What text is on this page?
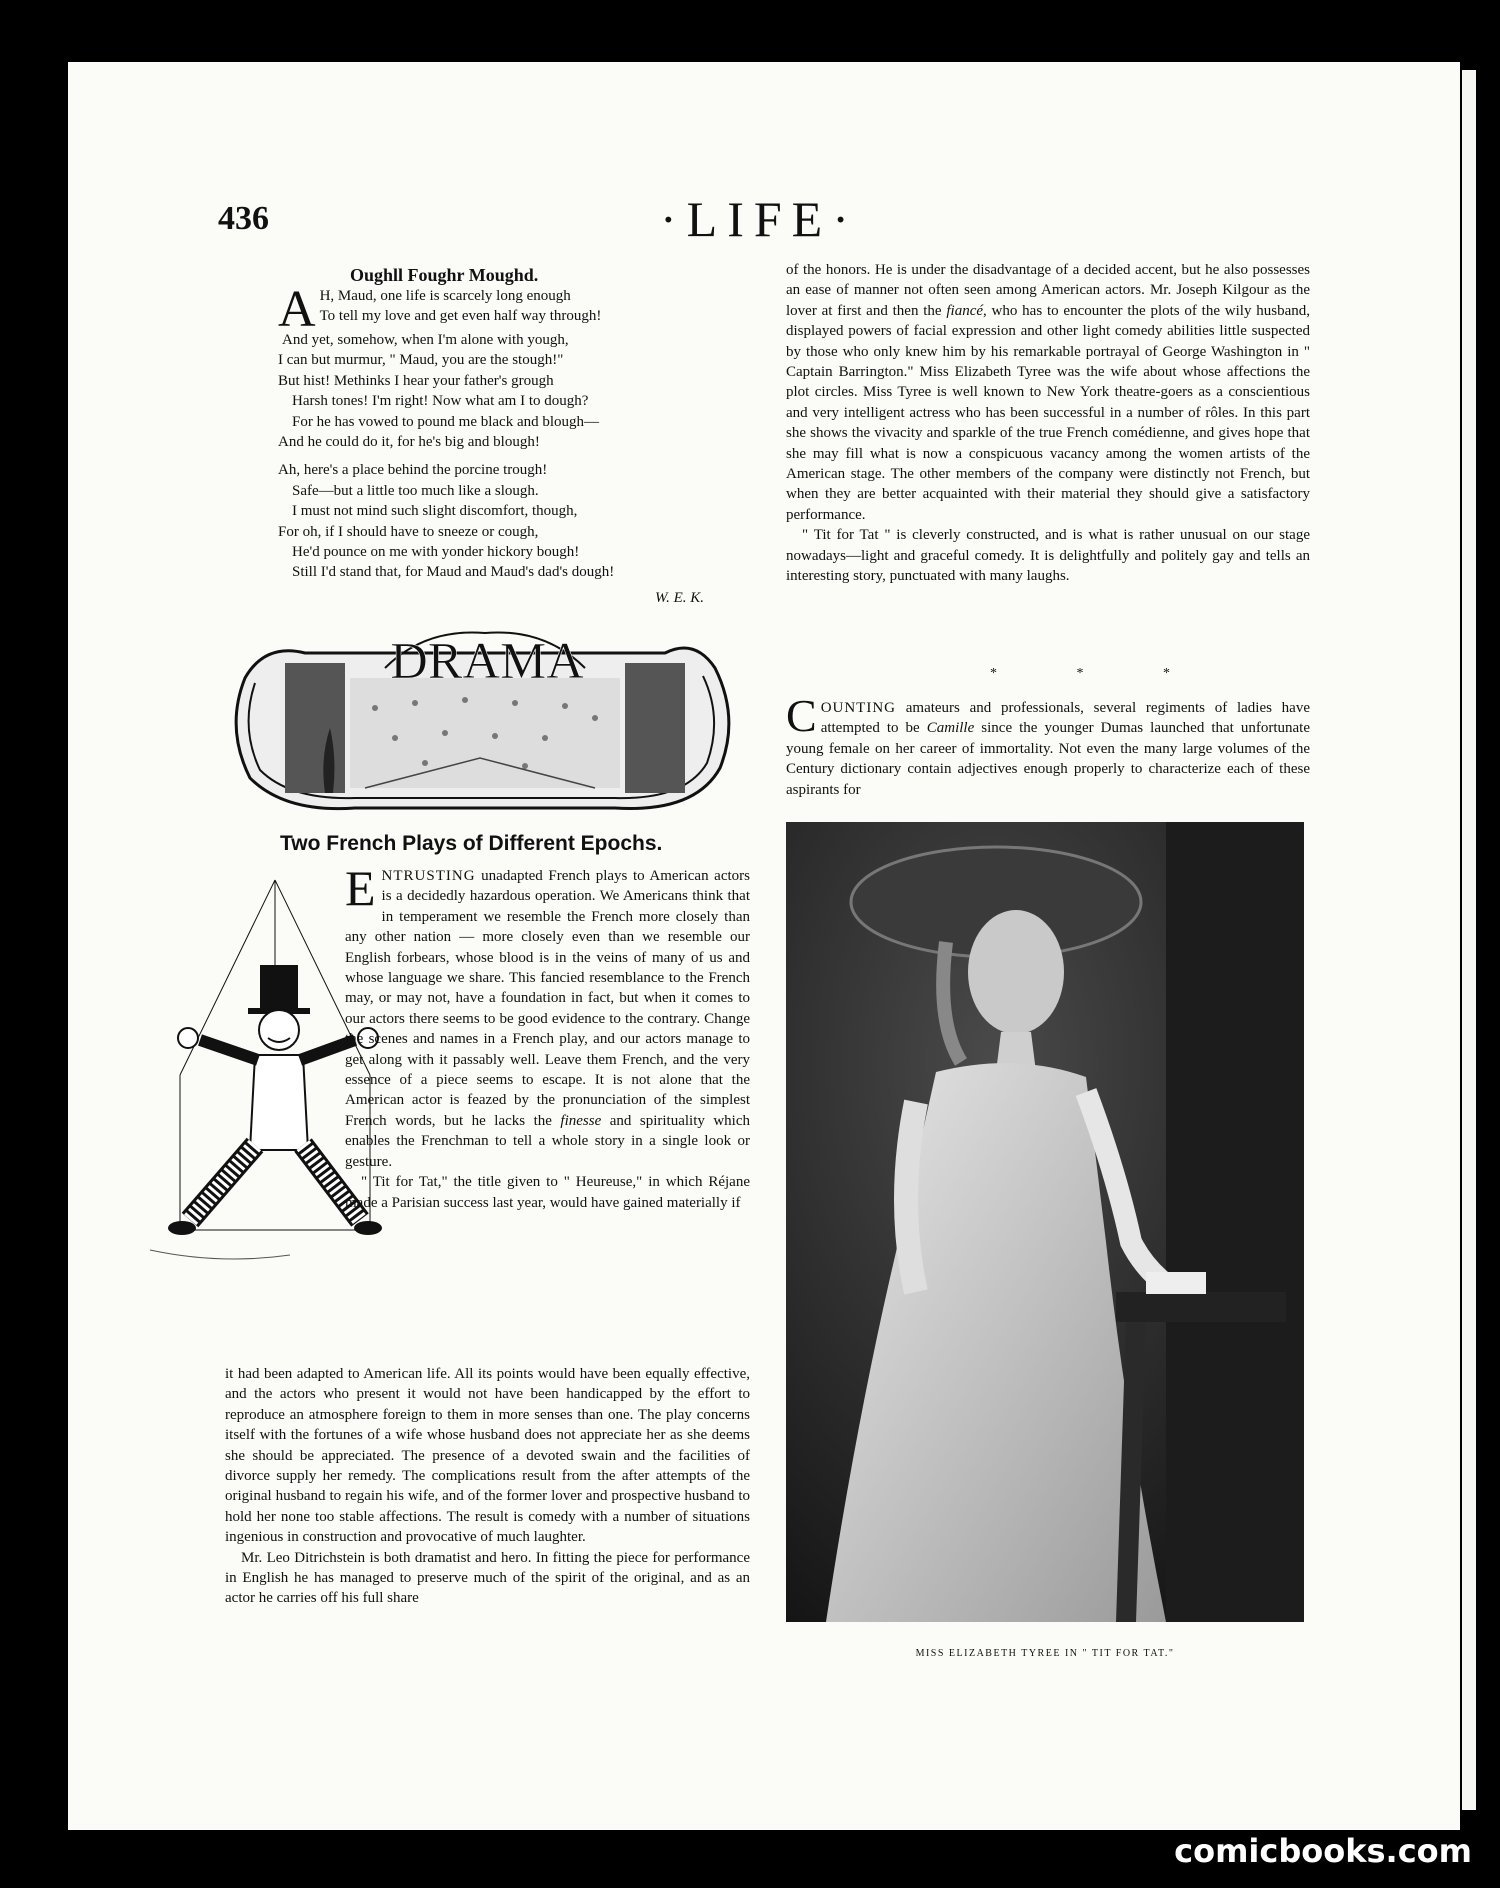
436	·LIFE·
Oughll Foughr Moughd.
A H, Maud, one life is scarcely long enough
To tell my love and get even half way through!
And yet, somehow, when I'm alone with yough,
I can but murmur, " Maud, you are the stough!"
But hist! Methinks I hear your father's grough
Harsh tones! I'm right! Now what am I to dough?
For he has vowed to pound me black and blough—
And he could do it, for he's big and blough!
Ah, here's a place behind the porcine trough!
Safe—but a little too much like a slough.
I must not mind such slight discomfort, though,
For oh, if I should have to sneeze or cough,
He'd pounce on me with yonder hickory bough!
Still I'd stand that, for Maud and Maud's dad's dough!
W. E. K.
DRAMA
Two French Plays of Different Epochs.

E NTRUSTING unadapted French plays to American actors is a decidedly hazardous operation. We Americans think that in temperament we resemble the French more closely than any other nation — more closely even than we resemble our English forbears, whose blood is in the veins of many of us and whose language we share. This fancied resemblance to the French may, or may not, have a foundation in fact, but when it comes to our actors there seems to be good evidence to the contrary. Change the scenes and names in a French play, and our actors manage to get along with it passably well. Leave them French, and the very essence of a piece seems to escape. It is not alone that the American actor is feazed by the pronunciation of the simplest French words, but he lacks the finesse and spirituality which enables the Frenchman to tell a whole story in a single look or gesture.

" Tit for Tat," the title given to " Heureuse," in which Réjane made a Parisian success last year, would have gained materially if

it had been adapted to American life. All its points would have been equally effective, and the actors who present it would not have been handicapped by the effort to reproduce an atmosphere foreign to them in more senses than one. The play concerns itself with the fortunes of a wife whose husband does not appreciate her as she deems she should be appreciated. The presence of a devoted swain and the facilities of divorce supply her remedy. The complications result from the after attempts of the original husband to regain his wife, and of the former lover and prospective husband to hold her none too stable affections. The result is comedy with a number of situations ingenious in construction and provocative of much laughter.

Mr. Leo Ditrichstein is both dramatist and hero. In fitting the piece for performance in English he has managed to preserve much of the spirit of the original, and as an actor he carries off his full share

of the honors. He is under the disadvantage of a decided accent, but he also possesses an ease of manner not often seen among American actors. Mr. Joseph Kilgour as the lover at first and then the fiancé, who has to encounter the plots of the wily husband, displayed powers of facial expression and other light comedy abilities little suspected by those who only knew him by his remarkable portrayal of George Washington in " Captain Barrington." Miss Elizabeth Tyree was the wife about whose affections the plot circles. Miss Tyree is well known to New York theatre-goers as a conscientious and very intelligent actress who has been successful in a number of rôles. In this part she shows the vivacity and sparkle of the true French comédienne, and gives hope that she may fill what is now a conspicuous vacancy among the women artists of the American stage. The other members of the company were distinctly not French, but when they are better acquainted with their material they should give a satisfactory performance.

" Tit for Tat " is cleverly constructed, and is what is rather unusual on our stage nowadays—light and graceful comedy. It is delightfully and politely gay and tells an interesting story, punctuated with many laughs.

* * *

C OUNTING amateurs and professionals, several regiments of ladies have attempted to be Camille since the younger Dumas launched that unfortunate young female on her career of immortality. Not even the many large volumes of the Century dictionary contain adjectives enough properly to characterize each of these aspirants for

MISS ELIZABETH TYREE IN " TIT FOR TAT."
comicbooks.com
